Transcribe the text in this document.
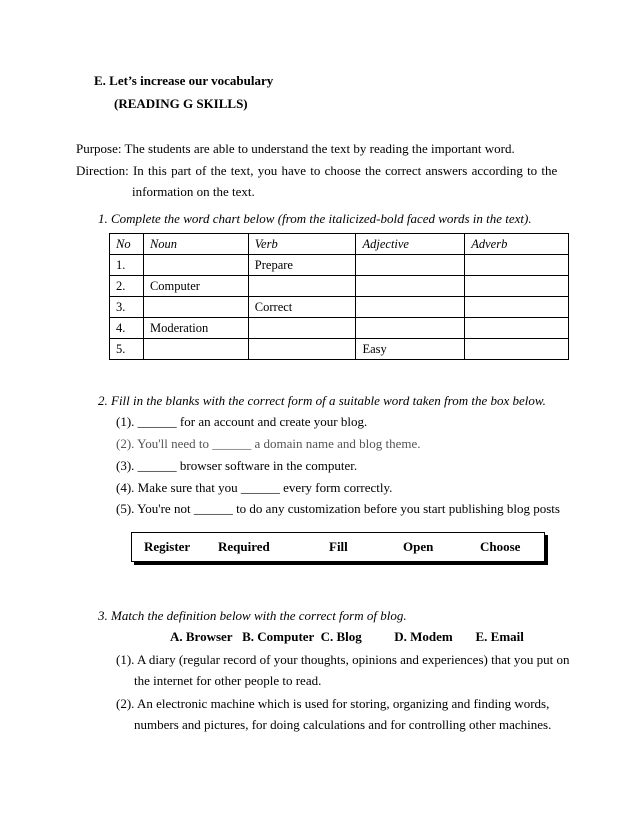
E. Let’s increase our vocabulary
(READING G SKILLS)
Purpose: The students are able to understand the text by reading the important word.
Direction: In this part of the text, you have to choose the correct answers according to the
information on the text.
1. Complete the word chart below (from the italicized-bold faced words in the text).
No	Noun	Verb	Adjective	Adverb
1.		Prepare		
2.	Computer			
3.		Correct		
4.	Moderation			
5.			Easy	
2. Fill in the blanks with the correct form of a suitable word taken from the box below.
(1). ______ for an account and create your blog.
(2). You'll need to ______ a domain name and blog theme.
(3). ______ browser software in the computer.
(4). Make sure that you ______ every form correctly.
(5). You're not ______ to do any customization before you start publishing blog posts
Register Required	Fill	Open	Choose
3. Match the definition below with the correct form of blog.
A. Browser   B. Computer  C. Blog          D. Modem       E. Email
(1). A diary (regular record of your thoughts, opinions and experiences) that you put on
the internet for other people to read.
(2). An electronic machine which is used for storing, organizing and finding words,
numbers and pictures, for doing calculations and for controlling other machines.
